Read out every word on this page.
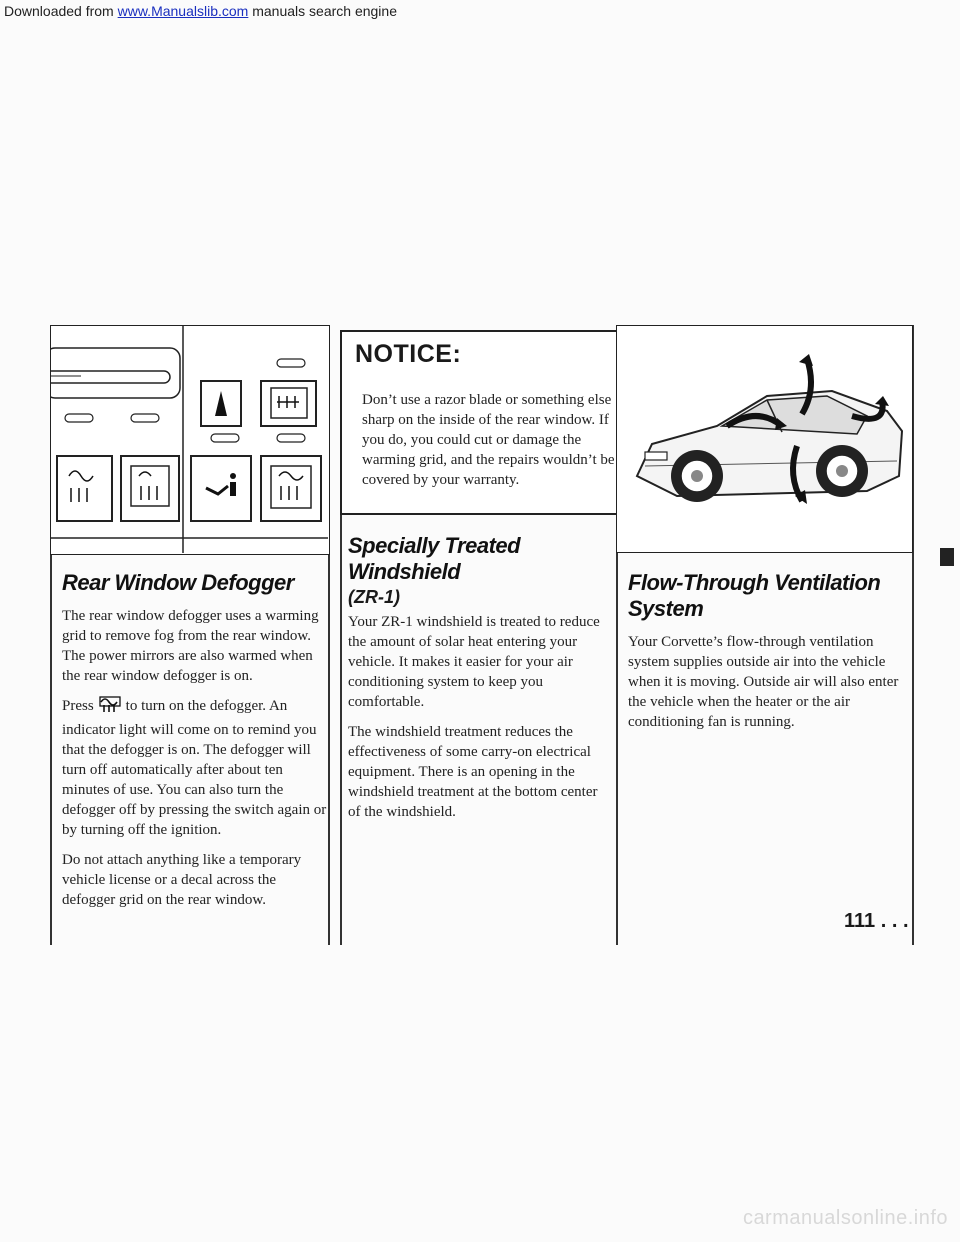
Downloaded from www.Manualslib.com manuals search engine
Rear Window Defogger

The rear window defogger uses a warming grid to remove fog from the rear window. The power mirrors are also warmed when the rear window defogger is on.

Press to turn on the defogger. An indicator light will come on to remind you that the defogger is on. The defogger will turn off automatically after about ten minutes of use. You can also turn the defogger off by pressing the switch again or by turning off the ignition.

Do not attach anything like a temporary vehicle license or a decal across the defogger grid on the rear window.

NOTICE:
Don’t use a razor blade or something else sharp on the inside of the rear window. If you do, you could cut or damage the warming grid, and the repairs wouldn’t be covered by your warranty.
Specially Treated Windshield
(ZR-1)

Your ZR-1 windshield is treated to reduce the amount of solar heat entering your vehicle. It makes it easier for your air conditioning system to keep you comfortable.

The windshield treatment reduces the effectiveness of some carry-on electrical equipment. There is an opening in the windshield treatment at the bottom center of the windshield.

Flow-Through Ventilation
System

Your Corvette’s flow-through ventilation system supplies outside air into the vehicle when it is moving. Outside air will also enter the vehicle when the heater or the air conditioning fan is running.

111 . . .
carmanualsonline.info
